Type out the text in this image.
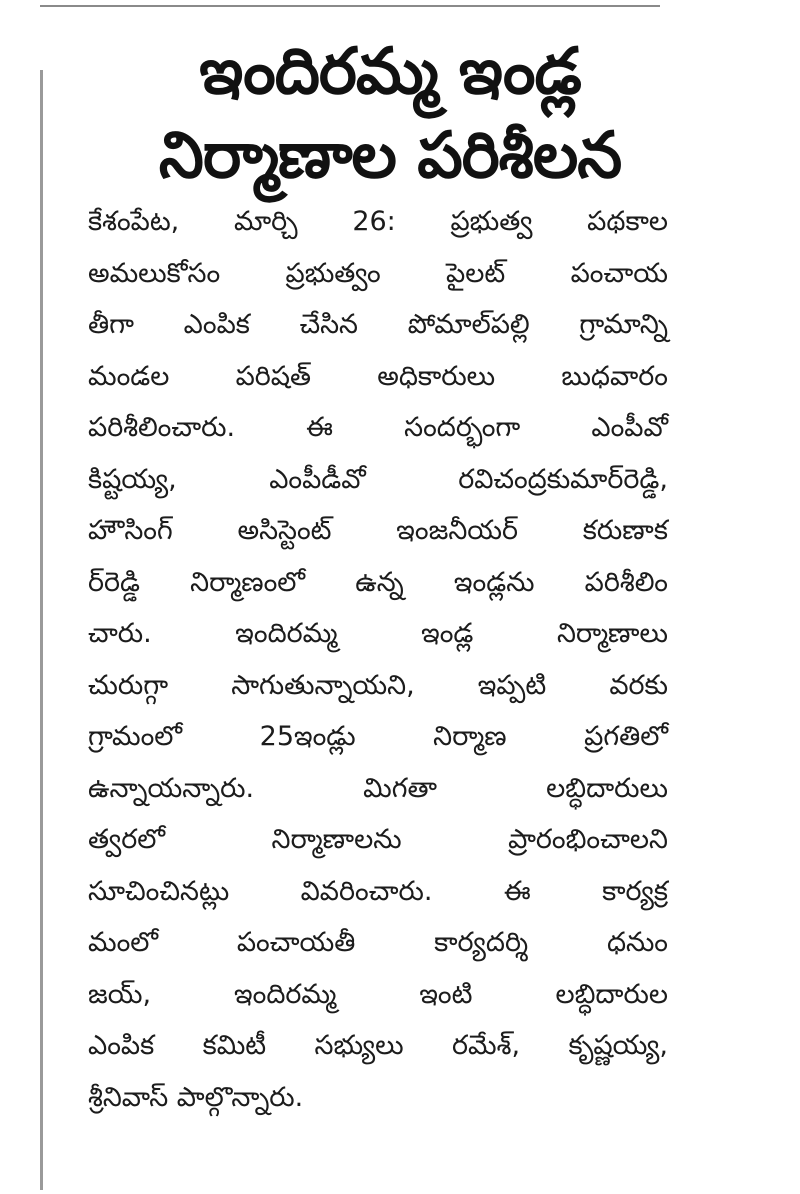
ఇందిరమ్మ ఇండ్ల
నిర్మాణాల పరిశీలన
కేశంపేట, మార్చి 26: ప్రభుత్వ పథకాల
అమలుకోసం ప్రభుత్వం పైలట్ పంచాయ
తీగా ఎంపిక చేసిన పోమాల్‌పల్లి గ్రామాన్ని
మండల పరిషత్ అధికారులు బుధవారం
పరిశీలించారు. ఈ సందర్భంగా ఎంపీవో
కిష్టయ్య, ఎంపీడీవో రవిచంద్రకుమార్‌రెడ్డి,
హౌసింగ్ అసిస్టెంట్ ఇంజనీయర్ కరుణాక
ర్‌రెడ్డి నిర్మాణంలో ఉన్న ఇండ్లను పరిశీలిం
చారు. ఇందిరమ్మ ఇండ్ల నిర్మాణాలు
చురుగ్గా సాగుతున్నాయని, ఇప్పటి వరకు
గ్రామంలో 25ఇండ్లు నిర్మాణ ప్రగతిలో
ఉన్నాయన్నారు. మిగతా లబ్ధిదారులు
త్వరలో నిర్మాణాలను ప్రారంభించాలని
సూచించినట్లు వివరించారు. ఈ కార్యక్ర
మంలో పంచాయతీ కార్యదర్శి ధనుం
జయ్, ఇందిరమ్మ ఇంటి లబ్ధిదారుల
ఎంపిక కమిటీ సభ్యులు రమేశ్, కృష్ణయ్య,
శ్రీనివాస్ పాల్గొన్నారు.
